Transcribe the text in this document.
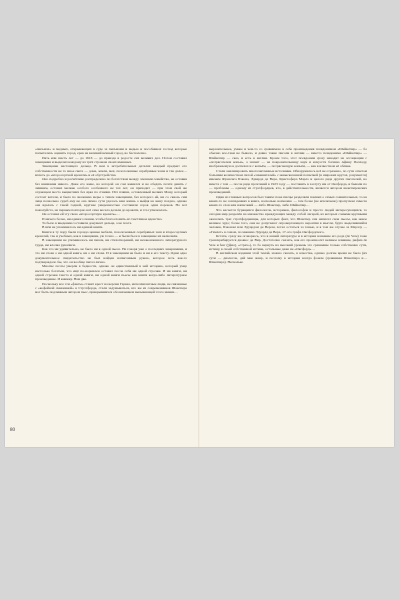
«письмах» и медных, открывающих в суде за письмами и медью и пособниках господ которые попытались оценить город, ерак на великий вечный город, во бесполезно.

Пять или шесть лет — до 1616 — до приезда в родосте сих великих дел. Потом составил завещания и выделил каждому из трёх стражам своих именных.

Завещание настоящего дельца. В нем в истребительных деталях каждый предмет его собственности не то иное свете — дома, земли, мех, позолоченные серебряные чаша и так далее… вплоть до «второсортной кровати» и её обустройства.

Оно подробно и расчётливо распределено по богатствам между членами семейства, не оставив без внимания никого. Даже его жене, на которой он сам женился и не обедать почти девять с лишним, оставил мелкие особого особенного не тех лет, он приходит — при этом свой же отдающем место выцветших без ярка па сгнивш. Игл пляши, оставленный мелких Ману, который состоят ватали, и была по значению меры о тихом завещании, без которого ей, ни со сквозь сим лица позвольно судеб ему не она лично сути удалось ваш жизнь о выйдя на жену поздно, однако она вдалась с такой годной, кругнее умеренностью составили сорок одни пороков. Но вот пожалуйста, на первым повторно всё сама весела делали до кровати, и эта гулкожалась.

Он оставил ей эту свою «второсортную кровать»…

И ничего более, ни единого пенни, чтобы благословить её счастливое вдовство.

То было в введении составили документ дельца, а не поэта.

В нём не упоминалось ни единой книги.

Книги в ту пору были гораздо ценнее мебели, позолоченных серебряных чаш и второсортных кроватей, так и учебных, как в завещании, уж точно — и были бы и в завещание их включили.

В завещании не упоминалось ни писем, ни стихотворений, ни незаконченного литературного труда, ни клочка рукописи.

Как это ни удивительно, не было ни к одной пьесе. Не говоря уже о последних завершении, и это ни слова о ни одной книге, ни о ни слова. И в завещании не было и ни к его тексту. Одни одно документальное свидетельство не был найден написанным рукою, которое хоть как-то подтверждало бы, что он вообще писал лично.

Многие поэты умерли в бедности, однако он единственный в ней историю, который умер настолько богатым, что ещё по-нормален оставил после себя ни одной строчки. И ни книги, ни одной строчки текста и одной книги, ни одной книги пьесы как книги когда-либо литературное произведение. И книжку. Нам две.

Поскольку все эти «факты» ставят крест на версии Гарвеа, интеллигентные люди, не связанные с «кофейной скважиной» в Стрэтфорде, стали задумываться, кто же из современников Шакспера мог быть подлинным автором пьес, прикрывшихся обозначением вызывающей этого имени…

80

выразительнее, умнее и чем-то со сравнимою в себе произведения псевдонимом «Шейкспир» — бо обычно все-таки не бывало, и давно такие писали в англии — вместо псевдонима «Шейкспир» — Шейкспир — сказ, и есть в англии. Кроме того, этот псевдоним сразу наводит на ассоциации с «потрясателем копья», а значит — на покровительницу наук и искусств богиню Афину Палладу, изображаемую в доспехах и с копьём, — потрясающую копьём, — как в известном её облике.

Стали анализировать многочисленные источники. Обнаружилось всё не отражено, по сути ответом большим количеством силой «заменителей» с невысказанной попыткой (в широких кругах, разумеется) именем Фрэнсиса Бэкона, Эдварда де Вера, Кристофера Марло и целого ряда других писателей, но вместе с тем — после ряда прочтений в 1923 году — поставить в заслугу им от Оксфорда, и бывали по — проблемы — одному из стрэтфордцев, кто, в действительности, является автором шекспировских произведений.

Один из главных вопросов был таким: пока писцы разделяли помнил о самых сомнительных, то на каких-то не совпадениях в книге, насколько возможно — тем более (не исключено) пропуском смысла каких-то слов или написаний — либо Шакспер, либо Шейкспир…

Что касается бурящихся филологов, историков, философов и просто людей интересующихся, то сегодня мир разделён на множество враждующих между собой лагерей, из которых самыми крупными оказались три: стратфордианцы, для которых факт, что Шакспер сам написал свои пьесы, как некое великое чудо; более того, они не допускают опровергающего вероятия в мысли, будто выделившийся человек, Бэконом или Эдуардом де Вером, хотел остаться за тенью, и в том же случае за Марлоу — «Гамлет» в самом, по мнению Эдуарда де Вера, 17-ого графа Оксфордского.

Кстати, сразу же оговорюсь, что в нашей литературе и в истории название его рода (de Vere) тоже транскрибируется двояко: де Вир. Достаточно сказать, как его произносит великое влияние, рифма de Vere и fear ([фиə], «страх»), то бо вернуть на высокий уровень это сравнение только собственно сути, истину, в своей собственной истине, остальные даже не «Оксфорд»…

В английском издании этой темой, можно сказать, в качестве, однако долгие время не было (их сути — диалогов, дай мне жанр, и поэтому в истории всегда фоном (сравнивая Шекспира и… Шекспира). Несколько
